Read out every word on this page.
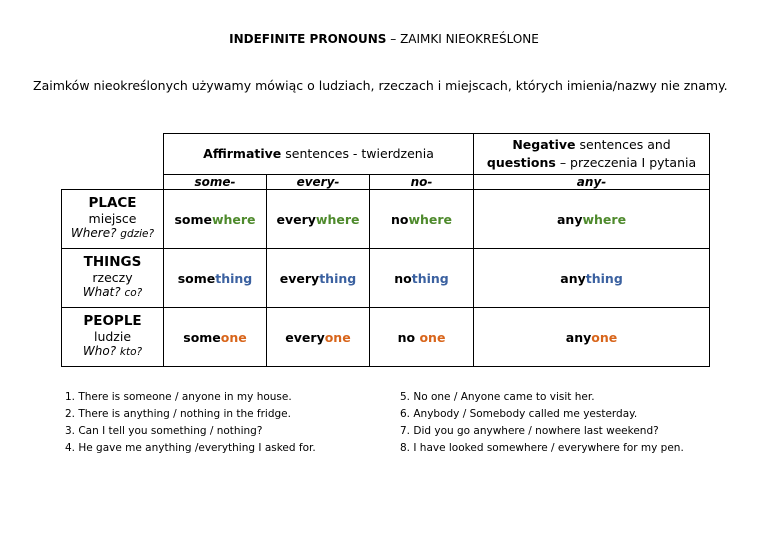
INDEFINITE PRONOUNS – ZAIMKI NIEOKREŚLONE
Zaimków nieokreślonych używamy mówiąc o ludziach, rzeczach i miejscach, których imienia/nazwy nie znamy.
	Affirmative sentences - twierdzenia			Negative sentences and
questions – przeczenia I pytania
	some-	every-	no-	any-

PLACE
miejsce
Where? gdzie?	somewhere	everywhere	nowhere	anywhere

THINGS
rzeczy
What? co?	something	everything	nothing	anything

PEOPLE
ludzie
Who? kto?	someone	everyone	no one	anyone
1. There is someone / anyone in my house.
2. There is anything / nothing in the fridge.
3. Can I tell you something / nothing?
4. He gave me anything /everything I asked for.
5. No one / Anyone came to visit her.
6. Anybody / Somebody called me yesterday.
7. Did you go anywhere / nowhere last weekend?
8. I have looked somewhere / everywhere for my pen.
